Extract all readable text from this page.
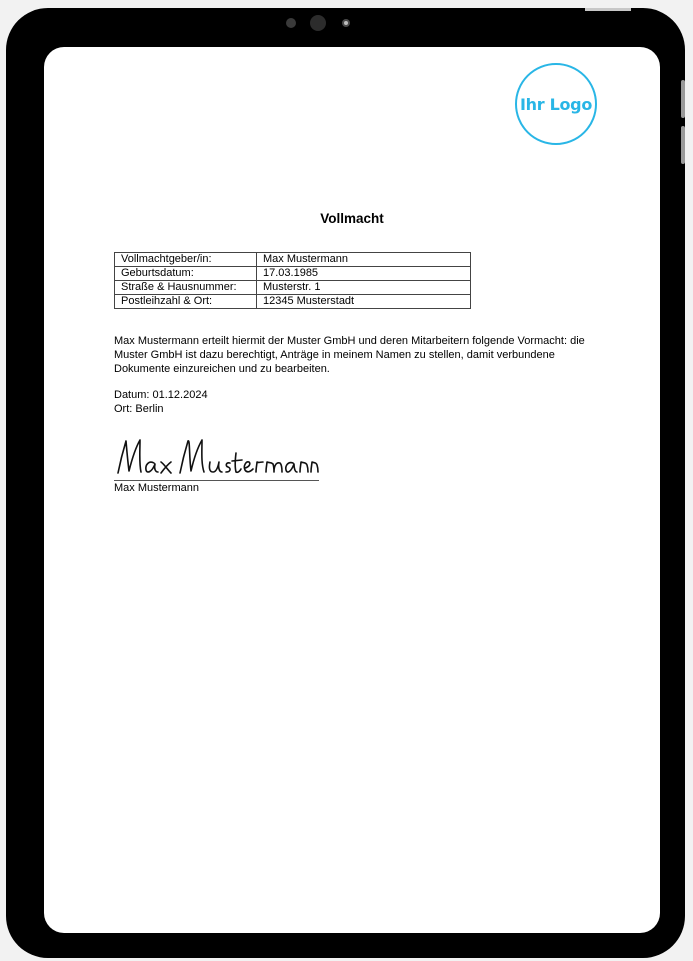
Ihr Logo
Vollmacht
Vollmachtgeber/in:	Max Mustermann
Geburtsdatum:	17.03.1985
Straße & Hausnummer:	Musterstr. 1
Postleihzahl & Ort:	12345 Musterstadt
Max Mustermann erteilt hiermit der Muster GmbH und deren Mitarbeitern folgende Vormacht: die Muster GmbH ist dazu berechtigt, Anträge in meinem Namen zu stellen, damit verbundene Dokumente einzureichen und zu bearbeiten.
Datum: 01.12.2024
Ort: Berlin
Max Mustermann
